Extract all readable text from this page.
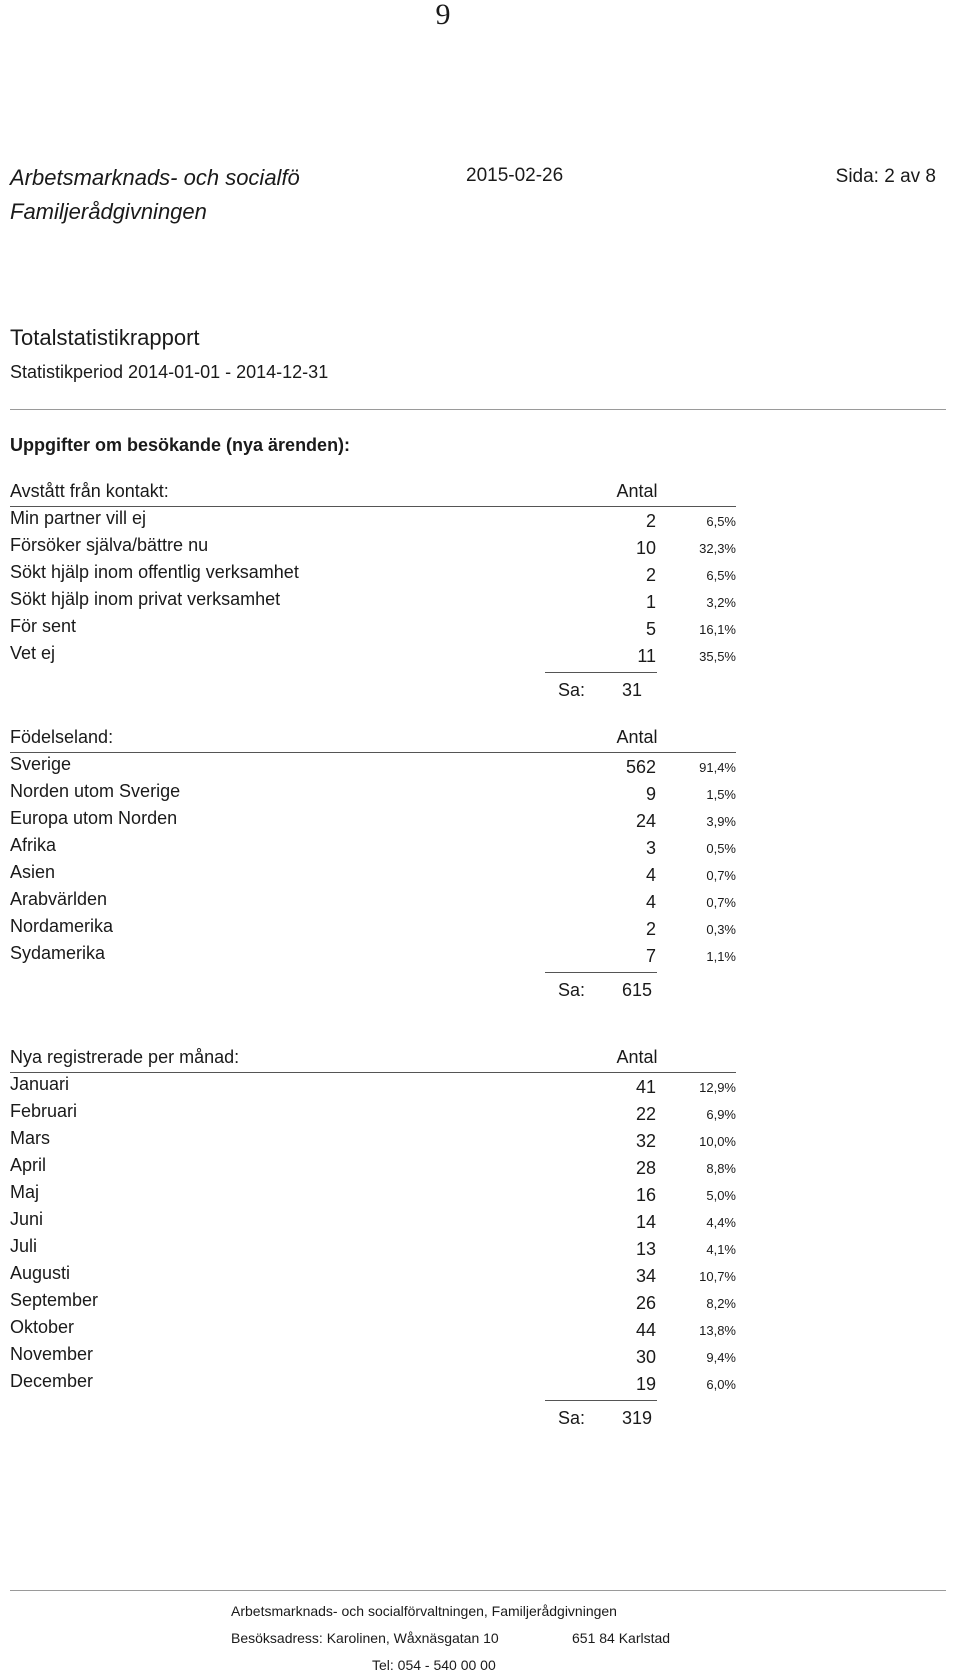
9
Arbetsmarknads- och socialfö
Familjerådgivningen
2015-02-26	Sida: 2 av 8
Totalstatistikrapport
Statistikperiod 2014-01-01 - 2014-12-31
Uppgifter om besökande (nya ärenden):
Avstått från kontakt:	Antal
Min partner vill ej	2	6,5%
Försöker själva/bättre nu	10	32,3%
Sökt hjälp inom offentlig verksamhet	2	6,5%
Sökt hjälp inom privat verksamhet	1	3,2%
För sent	5	16,1%
Vet ej	11	35,5%
Sa: 31
Födelseland:	Antal
Sverige	562	91,4%
Norden utom Sverige	9	1,5%
Europa utom Norden	24	3,9%
Afrika	3	0,5%
Asien	4	0,7%
Arabvärlden	4	0,7%
Nordamerika	2	0,3%
Sydamerika	7	1,1%
Sa: 615
Nya registrerade per månad:	Antal
Januari	41	12,9%
Februari	22	6,9%
Mars	32	10,0%
April	28	8,8%
Maj	16	5,0%
Juni	14	4,4%
Juli	13	4,1%
Augusti	34	10,7%
September	26	8,2%
Oktober	44	13,8%
November	30	9,4%
December	19	6,0%
Sa: 319
Arbetsmarknads- och socialförvaltningen, Familjerådgivningen
Besöksadress: Karolinen, Wåxnäsgatan 10	651 84 Karlstad
Tel: 054 - 540 00 00
